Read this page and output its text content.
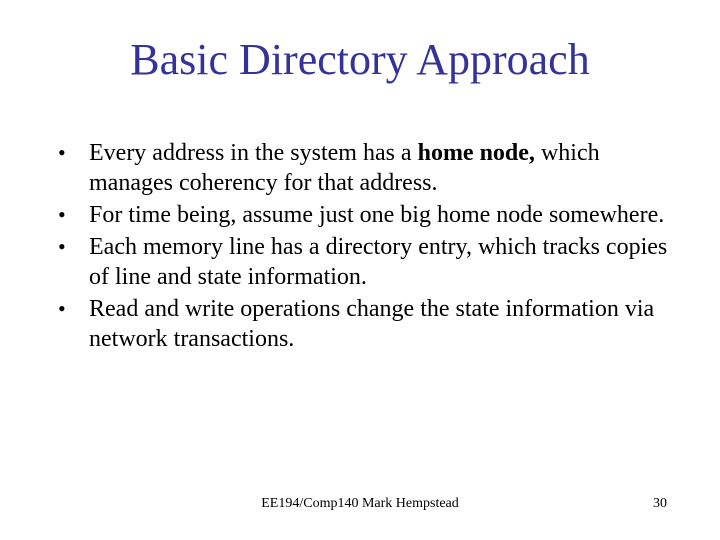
Basic Directory Approach
• Every address in the system has a home node, which manages coherency for that address.
• For time being, assume just one big home node somewhere.
• Each memory line has a directory entry, which tracks copies of line and state information.
• Read and write operations change the state information via network transactions.
EE194/Comp140 Mark Hempstead	30
